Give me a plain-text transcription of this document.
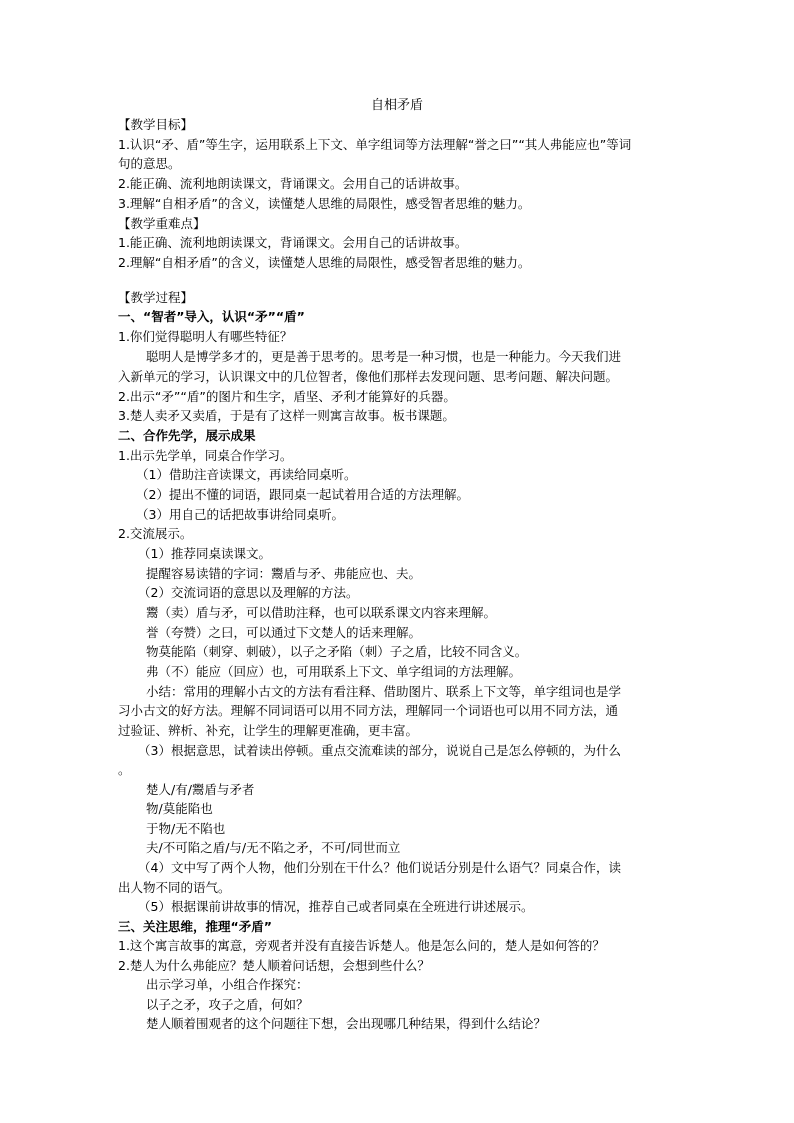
自相矛盾
【教学目标】
1.认识“矛、盾”等生字，运用联系上下文、单字组词等方法理解“誉之曰”“其人弗能应也”等词
句的意思。
2.能正确、流利地朗读课文，背诵课文。会用自己的话讲故事。
3.理解“自相矛盾”的含义，读懂楚人思维的局限性，感受智者思维的魅力。
【教学重难点】
1.能正确、流利地朗读课文，背诵课文。会用自己的话讲故事。
2.理解“自相矛盾”的含义，读懂楚人思维的局限性，感受智者思维的魅力。
【教学过程】
一、“智者”导入，认识“矛”“盾”
1.你们觉得聪明人有哪些特征？
聪明人是博学多才的，更是善于思考的。思考是一种习惯，也是一种能力。今天我们进
入新单元的学习，认识课文中的几位智者，像他们那样去发现问题、思考问题、解决问题。
2.出示“矛”“盾”的图片和生字，盾坚、矛利才能算好的兵器。
3.楚人卖矛又卖盾，于是有了这样一则寓言故事。板书课题。
二、合作先学，展示成果
1.出示先学单，同桌合作学习。
（1）借助注音读课文，再读给同桌听。
（2）提出不懂的词语，跟同桌一起试着用合适的方法理解。
（3）用自己的话把故事讲给同桌听。
2.交流展示。
（1）推荐同桌读课文。
提醒容易读错的字词：鬻盾与矛、弗能应也、夫。
（2）交流词语的意思以及理解的方法。
鬻（卖）盾与矛，可以借助注释，也可以联系课文内容来理解。
誉（夸赞）之曰，可以通过下文楚人的话来理解。
物莫能陷（刺穿、刺破），以子之矛陷（刺）子之盾，比较不同含义。
弗（不）能应（回应）也，可用联系上下文、单字组词的方法理解。
小结：常用的理解小古文的方法有看注释、借助图片、联系上下文等，单字组词也是学
习小古文的好方法。理解不同词语可以用不同方法，理解同一个词语也可以用不同方法，通
过验证、辨析、补充，让学生的理解更准确，更丰富。
（3）根据意思，试着读出停顿。重点交流难读的部分，说说自己是怎么停顿的，为什么
。
楚人/有/鬻盾与矛者
物/莫能陷也
于物/无不陷也
夫/不可陷之盾/与/无不陷之矛，不可/同世而立
（4）文中写了两个人物，他们分别在干什么？他们说话分别是什么语气？同桌合作，读
出人物不同的语气。
（5）根据课前讲故事的情况，推荐自己或者同桌在全班进行讲述展示。
三、关注思维，推理“矛盾”
1.这个寓言故事的寓意，旁观者并没有直接告诉楚人。他是怎么问的，楚人是如何答的？
2.楚人为什么弗能应？楚人顺着问话想，会想到些什么？
出示学习单，小组合作探究：
以子之矛，攻子之盾，何如？
楚人顺着围观者的这个问题往下想，会出现哪几种结果，得到什么结论？
